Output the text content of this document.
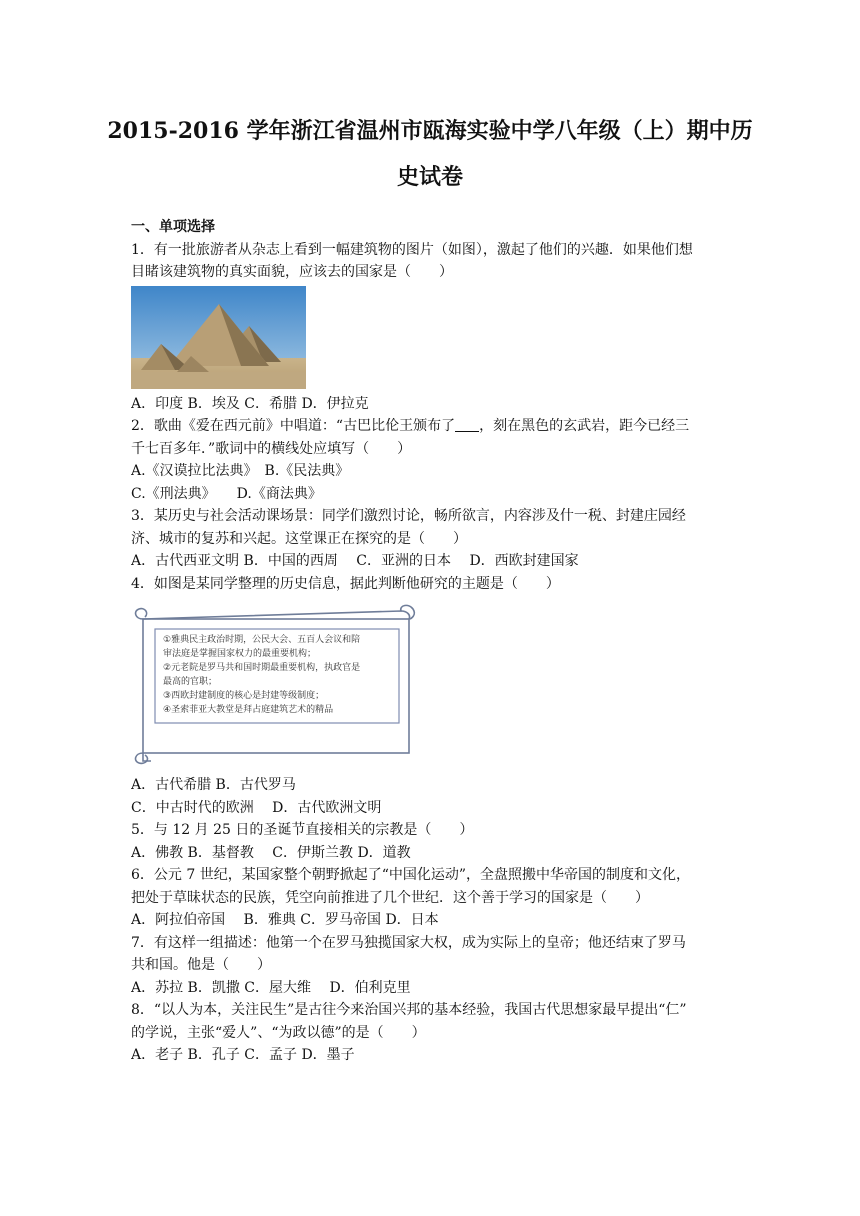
2015-2016 学年浙江省温州市瓯海实验中学八年级（上）期中历
史试卷
一、单项选择
1．有一批旅游者从杂志上看到一幅建筑物的图片（如图），激起了他们的兴趣．如果他们想
目睹该建筑物的真实面貌，应该去的国家是（　　）
A．印度 B．埃及 C．希腊 D．伊拉克
2．歌曲《爱在西元前》中唱道：“古巴比伦王颁布了 ，刻在黑色的玄武岩，距今已经三
千七百多年．”歌词中的横线处应填写（　　）
A.《汉谟拉比法典》　B.《民法典》
C.《刑法典》　　D.《商法典》
3．某历史与社会活动课场景：同学们激烈讨论，畅所欲言，内容涉及什一税、封建庄园经
济、城市的复苏和兴起。这堂课正在探究的是（　　）
A．古代西亚文明 B．中国的西周　 C．亚洲的日本　 D．西欧封建国家
4．如图是某同学整理的历史信息，据此判断他研究的主题是（　　）
①雅典民主政治时期，公民大会、五百人会议和陪
审法庭是掌握国家权力的最重要机构；
②元老院是罗马共和国时期最重要机构，执政官是
最高的官职；
③西欧封建制度的核心是封建等级制度；
④圣索菲亚大教堂是拜占庭建筑艺术的精品
A．古代希腊 B．古代罗马
C．中古时代的欧洲　 D．古代欧洲文明
5．与 12 月 25 日的圣诞节直接相关的宗教是（　　）
A．佛教 B．基督教　 C．伊斯兰教 D．道教
6．公元 7 世纪，某国家整个朝野掀起了“中国化运动”，全盘照搬中华帝国的制度和文化，
把处于草昧状态的民族，凭空向前推进了几个世纪．这个善于学习的国家是（　　）
A．阿拉伯帝国　 B．雅典 C．罗马帝国 D．日本
7．有这样一组描述：他第一个在罗马独揽国家大权，成为实际上的皇帝；他还结束了罗马
共和国。他是（　　）
A．苏拉 B．凯撒 C．屋大维　 D．伯利克里
8．“以人为本，关注民生”是古往今来治国兴邦的基本经验，我国古代思想家最早提出“仁”
的学说，主张“爱人”、“为政以德”的是（　　）
A．老子 B．孔子 C．孟子 D．墨子
